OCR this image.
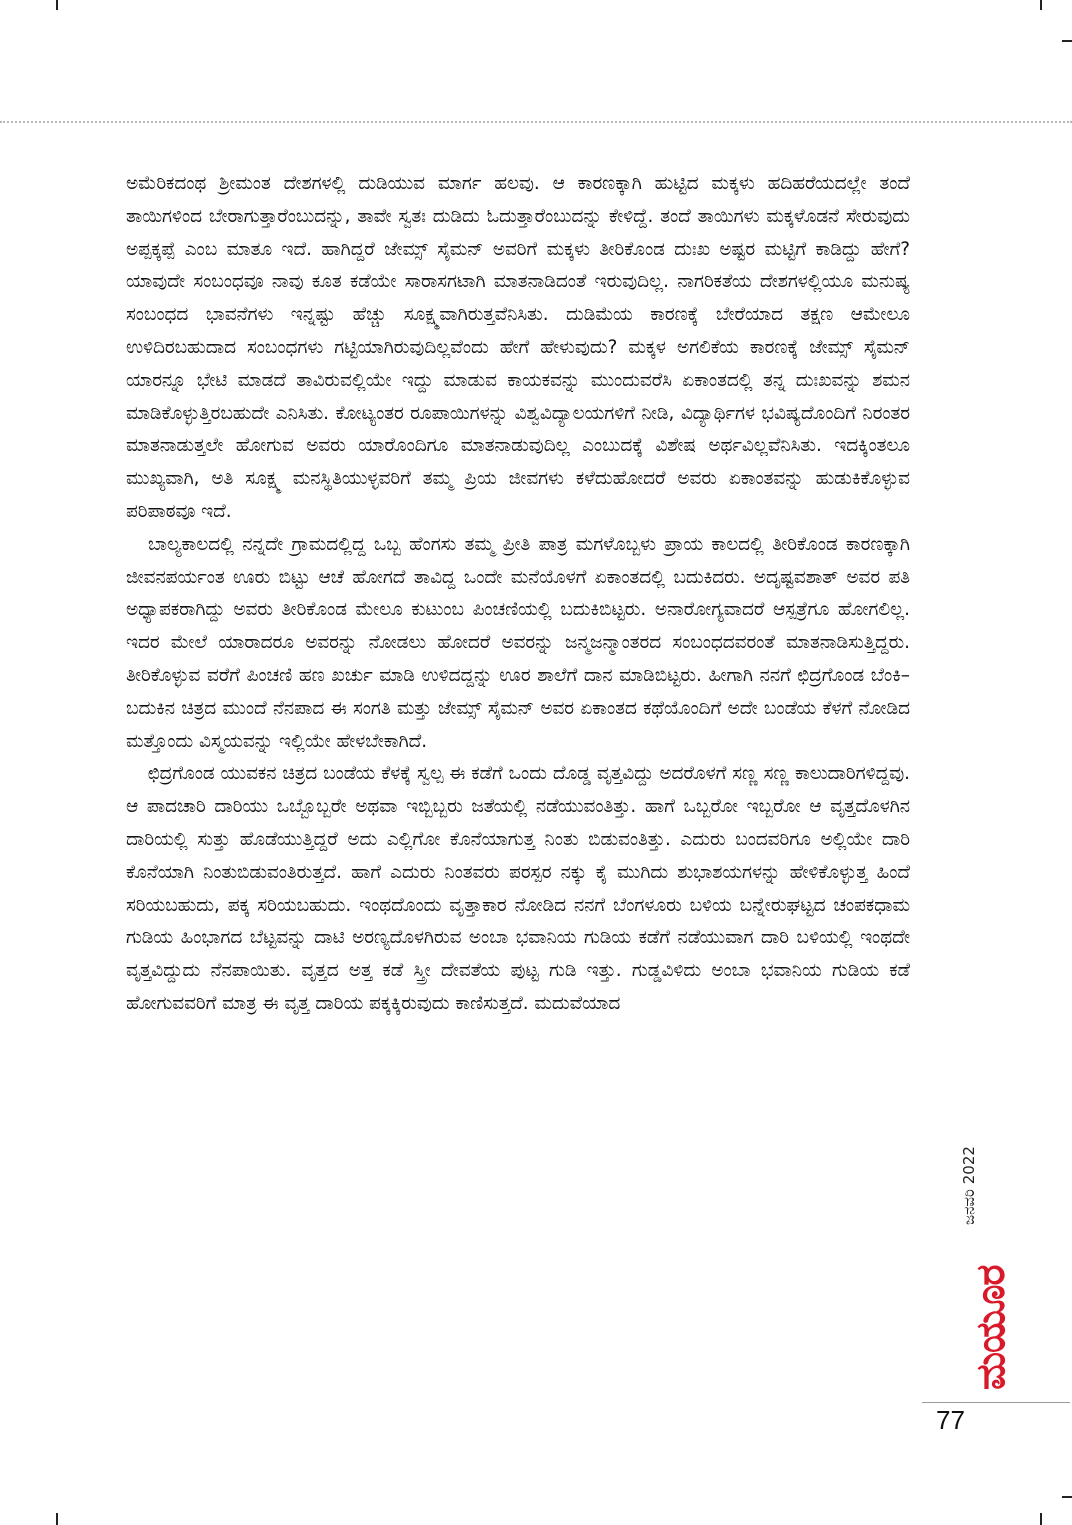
ಅಮೆರಿಕದಂಥ ಶ್ರೀಮಂತ ದೇಶಗಳಲ್ಲಿ ದುಡಿಯುವ ಮಾರ್ಗ ಹಲವು. ಆ ಕಾರಣಕ್ಕಾಗಿ ಹುಟ್ಟಿದ ಮಕ್ಕಳು ಹದಿಹರೆಯದಲ್ಲೇ ತಂದೆ ತಾಯಿಗಳಿಂದ ಬೇರಾಗುತ್ತಾರೆಂಬುದನ್ನು, ತಾವೇ ಸ್ವತಃ ದುಡಿದು ಓದುತ್ತಾರೆಂಬುದನ್ನು ಕೇಳಿದ್ದೆ. ತಂದೆ ತಾಯಿಗಳು ಮಕ್ಕಳೊಡನೆ ಸೇರುವುದು ಅಪ್ಪಕ್ಕಪ್ಪೆ ಎಂಬ ಮಾತೂ ಇದೆ. ಹಾಗಿದ್ದರೆ ಜೇಮ್ಸ್ ಸೈಮನ್ ಅವರಿಗೆ ಮಕ್ಕಳು ತೀರಿಕೊಂಡ ದುಃಖ ಅಷ್ಟರ ಮಟ್ಟಿಗೆ ಕಾಡಿದ್ದು ಹೇಗೆ? ಯಾವುದೇ ಸಂಬಂಧವೂ ನಾವು ಕೂತ ಕಡೆಯೇ ಸಾರಾಸಗಟಾಗಿ ಮಾತನಾಡಿದಂತೆ ಇರುವುದಿಲ್ಲ. ನಾಗರಿಕತೆಯ ದೇಶಗಳಲ್ಲಿಯೂ ಮನುಷ್ಯ ಸಂಬಂಧದ ಭಾವನೆಗಳು ಇನ್ನಷ್ಟು ಹೆಚ್ಚು ಸೂಕ್ಷ್ಮವಾಗಿರುತ್ತವೆನಿಸಿತು. ದುಡಿಮೆಯ ಕಾರಣಕ್ಕೆ ಬೇರೆಯಾದ ತಕ್ಷಣ ಆಮೇಲೂ ಉಳಿದಿರಬಹುದಾದ ಸಂಬಂಧಗಳು ಗಟ್ಟಿಯಾಗಿರುವುದಿಲ್ಲವೆಂದು ಹೇಗೆ ಹೇಳುವುದು? ಮಕ್ಕಳ ಅಗಲಿಕೆಯ ಕಾರಣಕ್ಕೆ ಜೇಮ್ಸ್ ಸೈಮನ್ ಯಾರನ್ನೂ ಭೇಟಿ ಮಾಡದೆ ತಾವಿರುವಲ್ಲಿಯೇ ಇದ್ದು ಮಾಡುವ ಕಾಯಕವನ್ನು ಮುಂದುವರೆಸಿ ಏಕಾಂತದಲ್ಲಿ ತನ್ನ ದುಃಖವನ್ನು ಶಮನ ಮಾಡಿಕೊಳ್ಳುತ್ತಿರಬಹುದೇ ಎನಿಸಿತು. ಕೋಟ್ಯಂತರ ರೂಪಾಯಿಗಳನ್ನು ವಿಶ್ವವಿದ್ಯಾಲಯಗಳಿಗೆ ನೀಡಿ, ವಿದ್ಯಾರ್ಥಿಗಳ ಭವಿಷ್ಯದೊಂದಿಗೆ ನಿರಂತರ ಮಾತನಾಡುತ್ತಲೇ ಹೋಗುವ ಅವರು ಯಾರೊಂದಿಗೂ ಮಾತನಾಡುವುದಿಲ್ಲ ಎಂಬುದಕ್ಕೆ ವಿಶೇಷ ಅರ್ಥವಿಲ್ಲವೆನಿಸಿತು. ಇದಕ್ಕಿಂತಲೂ ಮುಖ್ಯವಾಗಿ, ಅತಿ ಸೂಕ್ಷ್ಮ ಮನಸ್ಥಿತಿಯುಳ್ಳವರಿಗೆ ತಮ್ಮ ಪ್ರಿಯ ಜೀವಗಳು ಕಳೆದುಹೋದರೆ ಅವರು ಏಕಾಂತವನ್ನು ಹುಡುಕಿಕೊಳ್ಳುವ ಪರಿಪಾಠವೂ ಇದೆ.

ಬಾಲ್ಯಕಾಲದಲ್ಲಿ ನನ್ನದೇ ಗ್ರಾಮದಲ್ಲಿದ್ದ ಒಬ್ಬ ಹೆಂಗಸು ತಮ್ಮ ಪ್ರೀತಿ ಪಾತ್ರ ಮಗಳೊಬ್ಬಳು ಪ್ರಾಯ ಕಾಲದಲ್ಲಿ ತೀರಿಕೊಂಡ ಕಾರಣಕ್ಕಾಗಿ ಜೀವನಪರ್ಯಂತ ಊರು ಬಿಟ್ಟು ಆಚೆ ಹೋಗದೆ ತಾವಿದ್ದ ಒಂದೇ ಮನೆಯೊಳಗೆ ಏಕಾಂತದಲ್ಲಿ ಬದುಕಿದರು. ಅದೃಷ್ಟವಶಾತ್ ಅವರ ಪತಿ ಅಧ್ಯಾಪಕರಾಗಿದ್ದು ಅವರು ತೀರಿಕೊಂಡ ಮೇಲೂ ಕುಟುಂಬ ಪಿಂಚಣಿಯಲ್ಲಿ ಬದುಕಿಬಿಟ್ಟರು. ಅನಾರೋಗ್ಯವಾದರೆ ಆಸ್ಪತ್ರೆಗೂ ಹೋಗಲಿಲ್ಲ. ಇದರ ಮೇಲೆ ಯಾರಾದರೂ ಅವರನ್ನು ನೋಡಲು ಹೋದರೆ ಅವರನ್ನು ಜನ್ಮಜನ್ಮಾಂತರದ ಸಂಬಂಧದವರಂತೆ ಮಾತನಾಡಿಸುತ್ತಿದ್ದರು. ತೀರಿಕೊಳ್ಳುವ ವರೆಗೆ ಪಿಂಚಣಿ ಹಣ ಖರ್ಚು ಮಾಡಿ ಉಳಿದದ್ದನ್ನು ಊರ ಶಾಲೆಗೆ ದಾನ ಮಾಡಿಬಿಟ್ಟರು. ಹೀಗಾಗಿ ನನಗೆ ಛಿದ್ರಗೊಂಡ ಬೆಂಕಿ–ಬದುಕಿನ ಚಿತ್ರದ ಮುಂದೆ ನೆನಪಾದ ಈ ಸಂಗತಿ ಮತ್ತು ಜೇಮ್ಸ್ ಸೈಮನ್ ಅವರ ಏಕಾಂತದ ಕಥೆಯೊಂದಿಗೆ ಅದೇ ಬಂಡೆಯ ಕೆಳಗೆ ನೋಡಿದ ಮತ್ತೊಂದು ವಿಸ್ಮಯವನ್ನು ಇಲ್ಲಿಯೇ ಹೇಳಬೇಕಾಗಿದೆ.

ಛಿದ್ರಗೊಂಡ ಯುವಕನ ಚಿತ್ರದ ಬಂಡೆಯ ಕೆಳಕ್ಕೆ ಸ್ವಲ್ಪ ಈ ಕಡೆಗೆ ಒಂದು ದೊಡ್ಡ ವೃತ್ತವಿದ್ದು ಅದರೊಳಗೆ ಸಣ್ಣ ಸಣ್ಣ ಕಾಲುದಾರಿಗಳಿದ್ದವು. ಆ ಪಾದಚಾರಿ ದಾರಿಯು ಒಬ್ಬೊಬ್ಬರೇ ಅಥವಾ ಇಬ್ಬಿಬ್ಬರು ಜತೆಯಲ್ಲಿ ನಡೆಯುವಂತಿತ್ತು. ಹಾಗೆ ಒಬ್ಬರೋ ಇಬ್ಬರೋ ಆ ವೃತ್ತದೊಳಗಿನ ದಾರಿಯಲ್ಲಿ ಸುತ್ತು ಹೊಡೆಯುತ್ತಿದ್ದರೆ ಅದು ಎಲ್ಲಿಗೋ ಕೊನೆಯಾಗುತ್ತ ನಿಂತು ಬಿಡುವಂತಿತ್ತು. ಎದುರು ಬಂದವರಿಗೂ ಅಲ್ಲಿಯೇ ದಾರಿ ಕೊನೆಯಾಗಿ ನಿಂತುಬಿಡುವಂತಿರುತ್ತದೆ. ಹಾಗೆ ಎದುರು ನಿಂತವರು ಪರಸ್ಪರ ನಕ್ಕು ಕೈ ಮುಗಿದು ಶುಭಾಶಯಗಳನ್ನು ಹೇಳಿಕೊಳ್ಳುತ್ತ ಹಿಂದೆ ಸರಿಯಬಹುದು, ಪಕ್ಕ ಸರಿಯಬಹುದು. ಇಂಥದೊಂದು ವೃತ್ತಾಕಾರ ನೋಡಿದ ನನಗೆ ಬೆಂಗಳೂರು ಬಳಿಯ ಬನ್ನೇರುಘಟ್ಟದ ಚಂಪಕಧಾಮ ಗುಡಿಯ ಹಿಂಭಾಗದ ಬೆಟ್ಟವನ್ನು ದಾಟಿ ಅರಣ್ಯದೊಳಗಿರುವ ಅಂಬಾ ಭವಾನಿಯ ಗುಡಿಯ ಕಡೆಗೆ ನಡೆಯುವಾಗ ದಾರಿ ಬಳಿಯಲ್ಲಿ ಇಂಥದೇ ವೃತ್ತವಿದ್ದುದು ನೆನಪಾಯಿತು. ವೃತ್ತದ ಅತ್ತ ಕಡೆ ಸ್ತ್ರೀ ದೇವತೆಯ ಪುಟ್ಟ ಗುಡಿ ಇತ್ತು. ಗುಡ್ಡವಿಳಿದು ಅಂಬಾ ಭವಾನಿಯ ಗುಡಿಯ ಕಡೆ ಹೋಗುವವರಿಗೆ ಮಾತ್ರ ಈ ವೃತ್ತ ದಾರಿಯ ಪಕ್ಕಕ್ಕಿರುವುದು ಕಾಣಿಸುತ್ತದೆ. ಮದುವೆಯಾದ

ಜನವರಿ 2022
ಮಯೂರ
77
